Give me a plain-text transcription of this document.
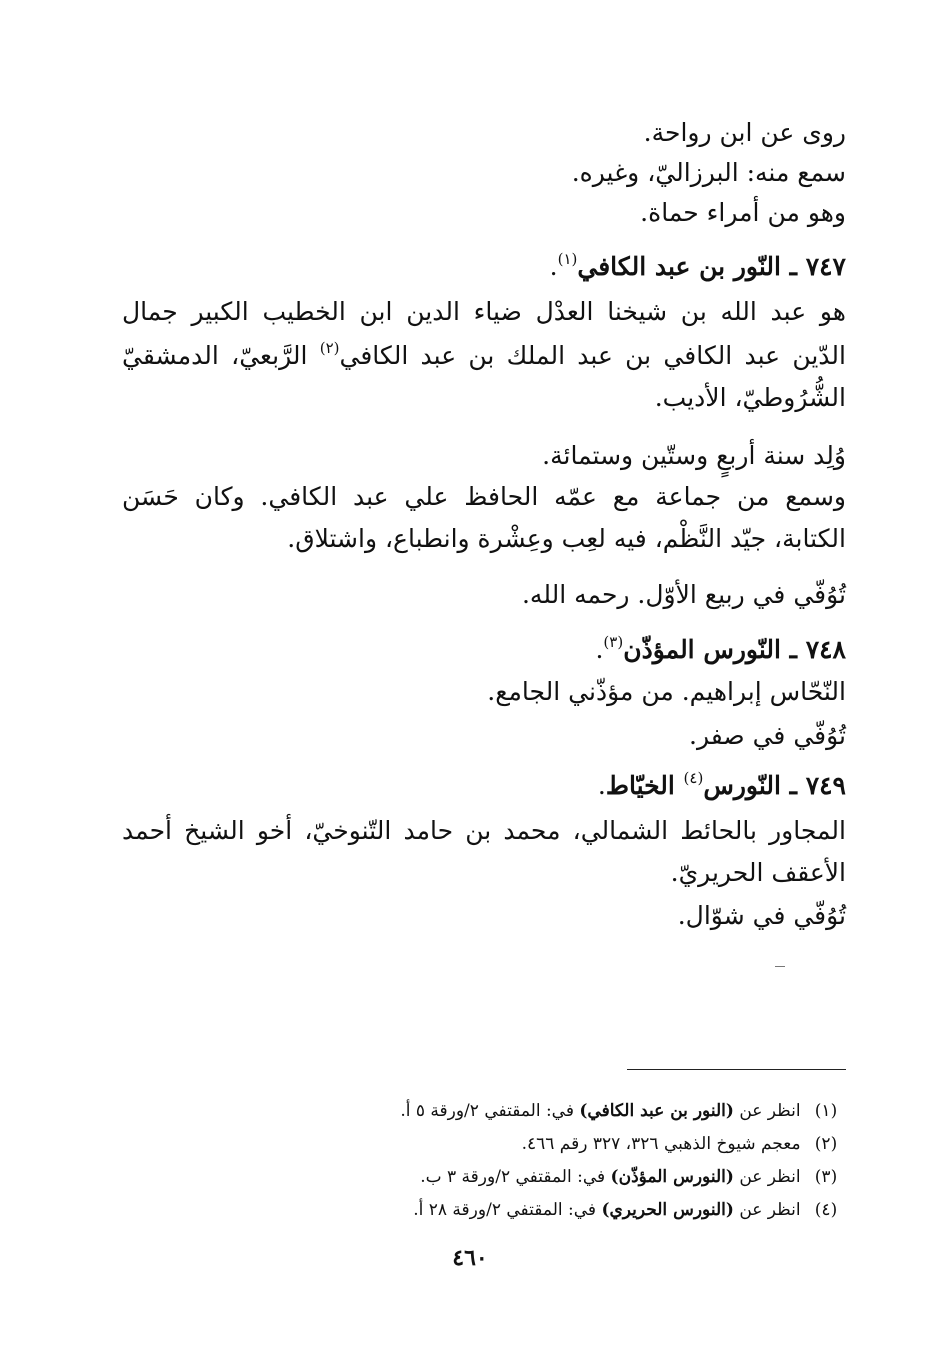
روى عن ابن رواحة.
سمع منه: البرزاليّ، وغيره.
وهو من أمراء حماة.
٧٤٧ ـ النّور بن عبد الكافي$^{(١)}$.
هو عبد الله بن شيخنا العدْل ضياء الدين ابن الخطيب الكبير جمال
الدّين عبد الكافي بن عبد الملك بن عبد الكافي$^{(٢)}$ الرَّبعيّ، الدمشقيّ
الشُّرُوطيّ، الأديب.
وُلِد سنة أربعٍ وستّين وستمائة.
وسمع من جماعة مع عمّه الحافظ علي عبد الكافي. وكان حَسَن
الكتابة، جيّد النَّظْم، فيه لعِب وعِشْرة وانطباع، واشتلاق.
تُوُفّي في ربيع الأوّل. رحمه الله.
٧٤٨ ـ النّورس المؤذّن$^{(٣)}$.
النّحّاس إبراهيم. من مؤذّني الجامع.
تُوُفّي في صفر.
٧٤٩ ـ النّورس$^{(٤)}$ الخيّاط.
المجاور بالحائط الشمالي، محمد بن حامد التّنوخيّ، أخو الشيخ أحمد
الأعقف الحريريّ.
تُوُفّي في شوّال.
(١) انظر عن (النور بن عبد الكافي) في: المقتفي ٢/ورقة ٥ أ.
(٢) معجم شيوخ الذهبي ٣٢٦، ٣٢٧ رقم ٤٦٦.
(٣) انظر عن (النورس المؤذّن) في: المقتفي ٢/ورقة ٣ ب.
(٤) انظر عن (النورس الحريري) في: المقتفي ٢/ورقة ٢٨ أ.
٤٦٠
